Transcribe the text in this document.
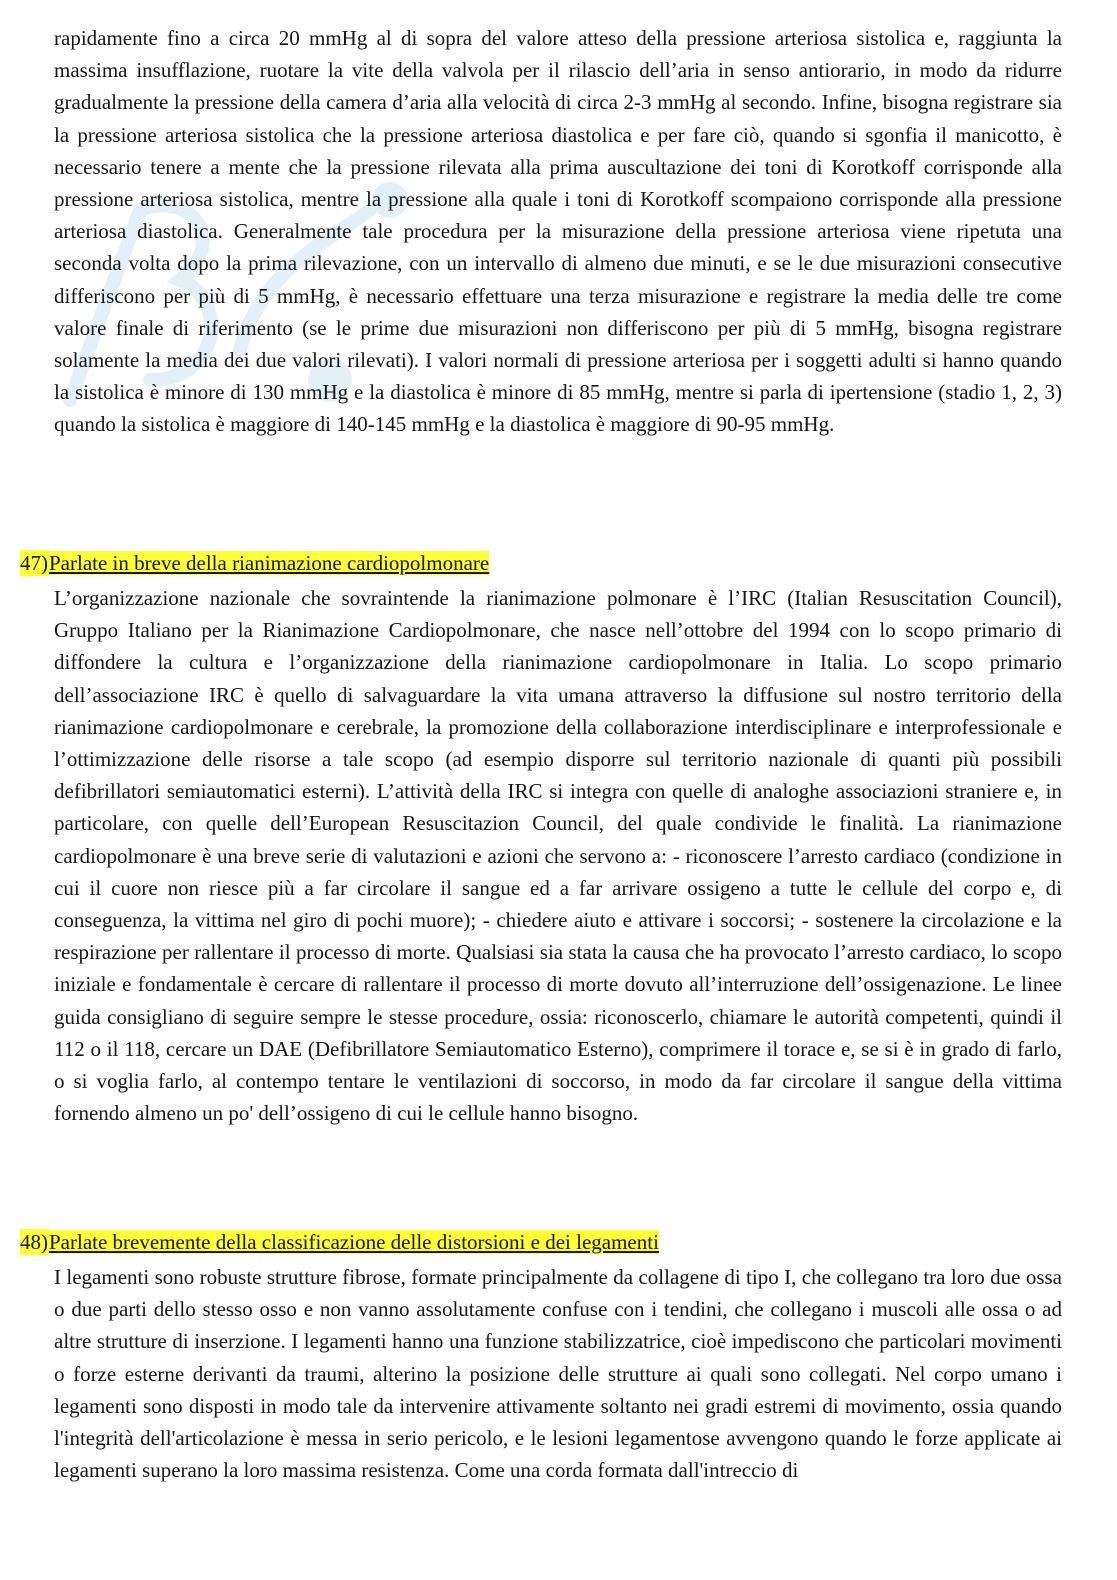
rapidamente fino a circa 20 mmHg al di sopra del valore atteso della pressione arteriosa sistolica e, raggiunta la massima insufflazione, ruotare la vite della valvola per il rilascio dell’aria in senso antiorario, in modo da ridurre gradualmente la pressione della camera d’aria alla velocità di circa 2-3 mmHg al secondo. Infine, bisogna registrare sia la pressione arteriosa sistolica che la pressione arteriosa diastolica e per fare ciò, quando si sgonfia il manicotto, è necessario tenere a mente che la pressione rilevata alla prima auscultazione dei toni di Korotkoff corrisponde alla pressione arteriosa sistolica, mentre la pressione alla quale i toni di Korotkoff scompaiono corrisponde alla pressione arteriosa diastolica. Generalmente tale procedura per la misurazione della pressione arteriosa viene ripetuta una seconda volta dopo la prima rilevazione, con un intervallo di almeno due minuti, e se le due misurazioni consecutive differiscono per più di 5 mmHg, è necessario effettuare una terza misurazione e registrare la media delle tre come valore finale di riferimento (se le prime due misurazioni non differiscono per più di 5 mmHg, bisogna registrare solamente la media dei due valori rilevati). I valori normali di pressione arteriosa per i soggetti adulti si hanno quando la sistolica è minore di 130 mmHg e la diastolica è minore di 85 mmHg, mentre si parla di ipertensione (stadio 1, 2, 3) quando la sistolica è maggiore di 140-145 mmHg e la diastolica è maggiore di 90-95 mmHg.

47)Parlate in breve della rianimazione cardiopolmonare

L’organizzazione nazionale che sovraintende la rianimazione polmonare è l’IRC (Italian Resuscitation Council), Gruppo Italiano per la Rianimazione Cardiopolmonare, che nasce nell’ottobre del 1994 con lo scopo primario di diffondere la cultura e l’organizzazione della rianimazione cardiopolmonare in Italia. Lo scopo primario dell’associazione IRC è quello di salvaguardare la vita umana attraverso la diffusione sul nostro territorio della rianimazione cardiopolmonare e cerebrale, la promozione della collaborazione interdisciplinare e interprofessionale e l’ottimizzazione delle risorse a tale scopo (ad esempio disporre sul territorio nazionale di quanti più possibili defibrillatori semiautomatici esterni). L’attività della IRC si integra con quelle di analoghe associazioni straniere e, in particolare, con quelle dell’European Resuscitazion Council, del quale condivide le finalità. La rianimazione cardiopolmonare è una breve serie di valutazioni e azioni che servono a: - riconoscere l’arresto cardiaco (condizione in cui il cuore non riesce più a far circolare il sangue ed a far arrivare ossigeno a tutte le cellule del corpo e, di conseguenza, la vittima nel giro di pochi muore); - chiedere aiuto e attivare i soccorsi; - sostenere la circolazione e la respirazione per rallentare il processo di morte. Qualsiasi sia stata la causa che ha provocato l’arresto cardiaco, lo scopo iniziale e fondamentale è cercare di rallentare il processo di morte dovuto all’interruzione dell’ossigenazione. Le linee guida consigliano di seguire sempre le stesse procedure, ossia: riconoscerlo, chiamare le autorità competenti, quindi il 112 o il 118, cercare un DAE (Defibrillatore Semiautomatico Esterno), comprimere il torace e, se si è in grado di farlo, o si voglia farlo, al contempo tentare le ventilazioni di soccorso, in modo da far circolare il sangue della vittima fornendo almeno un po' dell’ossigeno di cui le cellule hanno bisogno.

48)Parlate brevemente della classificazione delle distorsioni e dei legamenti

I legamenti sono robuste strutture fibrose, formate principalmente da collagene di tipo I, che collegano tra loro due ossa o due parti dello stesso osso e non vanno assolutamente confuse con i tendini, che collegano i muscoli alle ossa o ad altre strutture di inserzione. I legamenti hanno una funzione stabilizzatrice, cioè impediscono che particolari movimenti o forze esterne derivanti da traumi, alterino la posizione delle strutture ai quali sono collegati. Nel corpo umano i legamenti sono disposti in modo tale da intervenire attivamente soltanto nei gradi estremi di movimento, ossia quando l'integrità dell'articolazione è messa in serio pericolo, e le lesioni legamentose avvengono quando le forze applicate ai legamenti superano la loro massima resistenza. Come una corda formata dall'intreccio di
